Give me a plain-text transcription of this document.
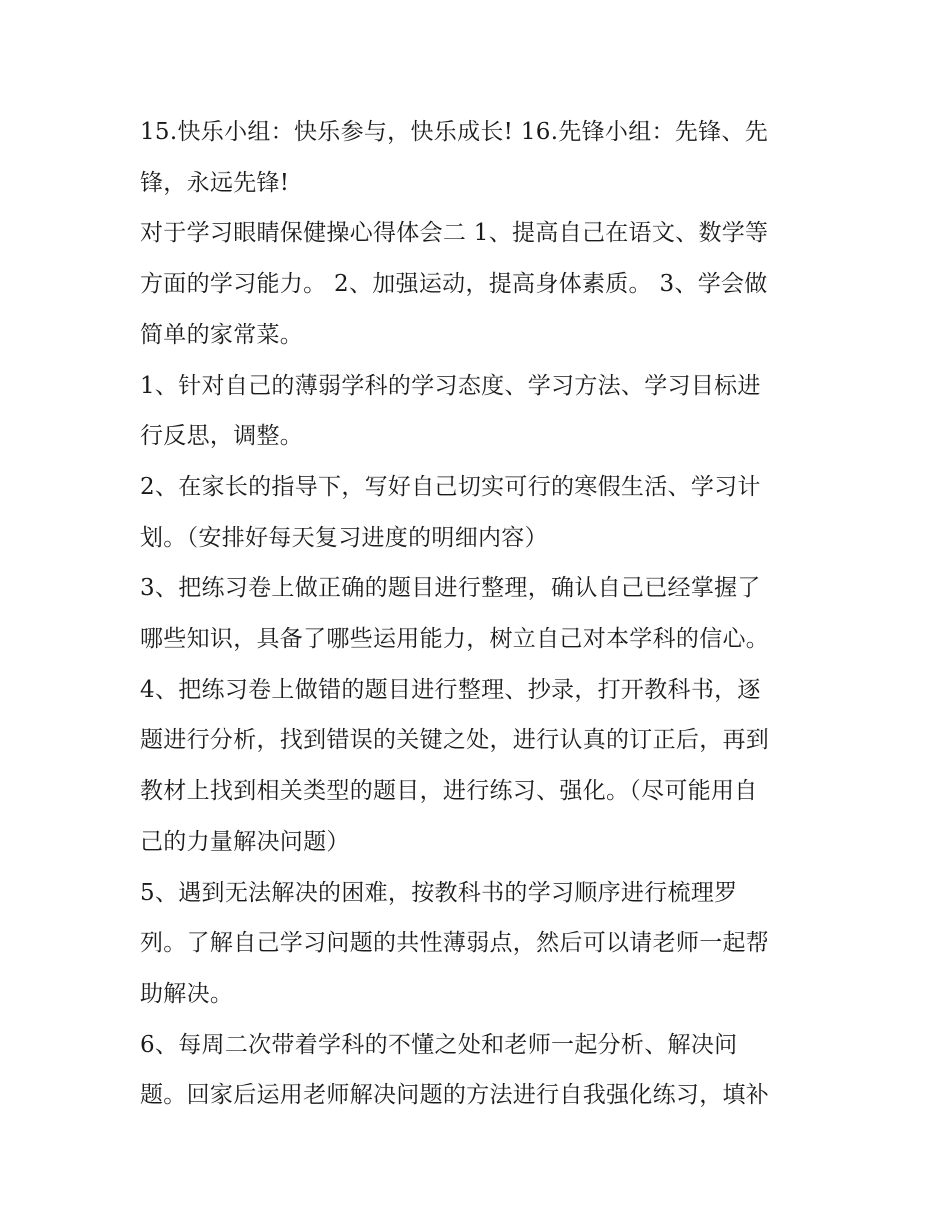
15.快乐小组：快乐参与，快乐成长! 16.先锋小组：先锋、先
锋，永远先锋!

对于学习眼睛保健操心得体会二 1、提高自己在语文、数学等
方面的学习能力。 2、加强运动，提高身体素质。 3、学会做
简单的家常菜。

1、针对自己的薄弱学科的学习态度、学习方法、学习目标进
行反思，调整。

2、在家长的指导下，写好自己切实可行的寒假生活、学习计
划。（安排好每天复习进度的明细内容）

3、把练习卷上做正确的题目进行整理，确认自己已经掌握了
哪些知识，具备了哪些运用能力，树立自己对本学科的信心。

4、把练习卷上做错的题目进行整理、抄录，打开教科书，逐
题进行分析，找到错误的关键之处，进行认真的订正后，再到
教材上找到相关类型的题目，进行练习、强化。（尽可能用自
己的力量解决问题）

5、遇到无法解决的困难，按教科书的学习顺序进行梳理罗
列。了解自己学习问题的共性薄弱点，然后可以请老师一起帮
助解决。

6、每周二次带着学科的不懂之处和老师一起分析、解决问
题。回家后运用老师解决问题的方法进行自我强化练习，填补
